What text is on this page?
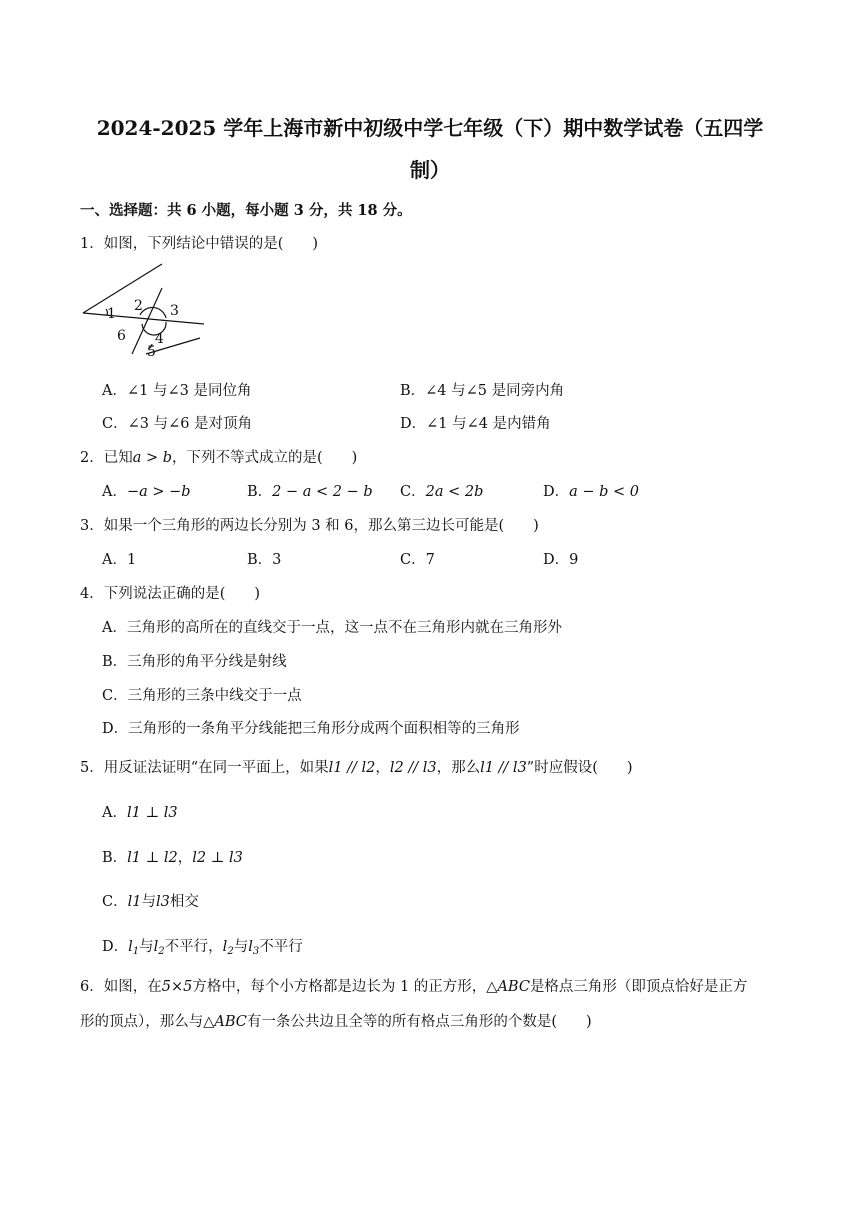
2024-2025 学年上海市新中初级中学七年级（下）期中数学试卷（五四学
制）
一、选择题：共 6 小题，每小题 3 分，共 18 分。
1．如图，下列结论中错误的是(　　)
1 2 3
4
5
6
A．∠1 与∠3 是同位角	B．∠4 与∠5 是同旁内角
C．∠3 与∠6 是对顶角	D．∠1 与∠4 是内错角
2．已知a > b，下列不等式成立的是(　　)
A．−a > −b	B．2 − a < 2 − b C．2a < 2b	D．a − b < 0
3．如果一个三角形的两边长分别为 3 和 6，那么第三边长可能是(　　)
A．1	B．3	C．7	D．9
4．下列说法正确的是(　　)
A．三角形的高所在的直线交于一点，这一点不在三角形内就在三角形外
B．三角形的角平分线是射线
C．三角形的三条中线交于一点
D．三角形的一条角平分线能把三角形分成两个面积相等的三角形
5．用反证法证明“在同一平面上，如果l1 // l2，l2 // l3，那么l1 // l3”时应假设(　　)
A．l1 ⊥ l3
B．l1 ⊥ l2，l2 ⊥ l3
C．l1与l3相交
D．$l_1$与$l_2$不平行，$l_2$与$l_3$不平行
6．如图，在5×5方格中，每个小方格都是边长为 1 的正方形，△ABC是格点三角形（即顶点恰好是正方
形的顶点），那么与△ABC有一条公共边且全等的所有格点三角形的个数是(　　)
